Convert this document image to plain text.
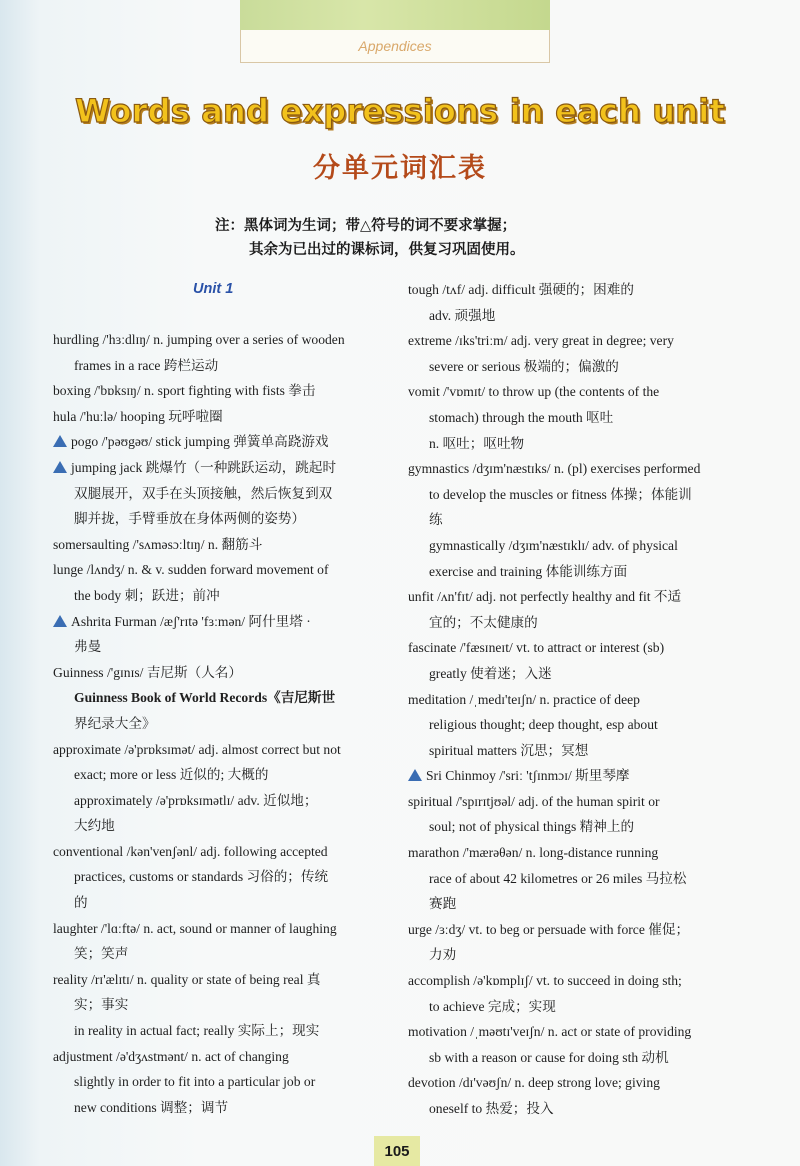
Appendices
Words and expressions in each unit
分单元词汇表
注：黑体词为生词；带△符号的词不要求掌握；
其余为已出过的课标词，供复习巩固使用。
Unit 1
hurdling /'hɜːdlɪŋ/ n. jumping over a series of wooden
frames in a race 跨栏运动
boxing /'bɒksɪŋ/ n. sport fighting with fists 拳击
hula /'huːlə/ hooping 玩呼啦圈
pogo /'pəʊgəʊ/ stick jumping 弹簧单高跷游戏
jumping jack 跳爆竹（一种跳跃运动，跳起时
双腿展开，双手在头顶接触，然后恢复到双
脚并拢，手臂垂放在身体两侧的姿势）
somersaulting /'sʌməsɔːltɪŋ/ n. 翻筋斗
lunge /lʌndʒ/ n. & v. sudden forward movement of
the body 刺；跃进；前冲
Ashrita Furman /æʃ'rɪtə 'fɜːmən/ 阿什里塔 ·
弗曼
Guinness /'gɪnɪs/ 吉尼斯（人名）
Guinness Book of World Records《吉尼斯世
界纪录大全》
approximate /ə'prɒksɪmət/ adj. almost correct but not
exact; more or less 近似的; 大概的
approximately /ə'prɒksɪmətlɪ/ adv. 近似地；
大约地
conventional /kən'venʃənl/ adj. following accepted
practices, customs or standards 习俗的；传统
的
laughter /'lɑːftə/ n. act, sound or manner of laughing
笑；笑声
reality /rɪ'ælɪtɪ/ n. quality or state of being real 真
实；事实
in reality in actual fact; really 实际上；现实
adjustment /ə'dʒʌstmənt/ n. act of changing
slightly in order to fit into a particular job or
new conditions 调整；调节
tough /tʌf/ adj. difficult 强硬的；困难的
adv. 顽强地
extreme /ɪks'triːm/ adj. very great in degree; very
severe or serious 极端的；偏激的
vomit /'vɒmɪt/ to throw up (the contents of the
stomach) through the mouth 呕吐
n. 呕吐；呕吐物
gymnastics /dʒɪm'næstɪks/ n. (pl) exercises performed
to develop the muscles or fitness 体操；体能训
练
gymnastically /dʒɪm'næstɪklɪ/ adv. of physical
exercise and training 体能训练方面
unfit /ʌn'fɪt/ adj. not perfectly healthy and fit 不适
宜的；不太健康的
fascinate /'fæsɪneɪt/ vt. to attract or interest (sb)
greatly 使着迷；入迷
meditation /ˌmedɪ'teɪʃn/ n. practice of deep
religious thought; deep thought, esp about
spiritual matters 沉思；冥想
Sri Chinmoy /'sriː 'tʃɪnmɔɪ/ 斯里琴摩
spiritual /'spɪrɪtjʊəl/ adj. of the human spirit or
soul; not of physical things 精神上的
marathon /'mærəθən/ n. long-distance running
race of about 42 kilometres or 26 miles 马拉松
赛跑
urge /ɜːdʒ/ vt. to beg or persuade with force 催促；
力劝
accomplish /ə'kɒmplɪʃ/ vt. to succeed in doing sth;
to achieve 完成；实现
motivation /ˌməʊtɪ'veɪʃn/ n. act or state of providing
sb with a reason or cause for doing sth 动机
devotion /dɪ'vəʊʃn/ n. deep strong love; giving
oneself to 热爱；投入
105
